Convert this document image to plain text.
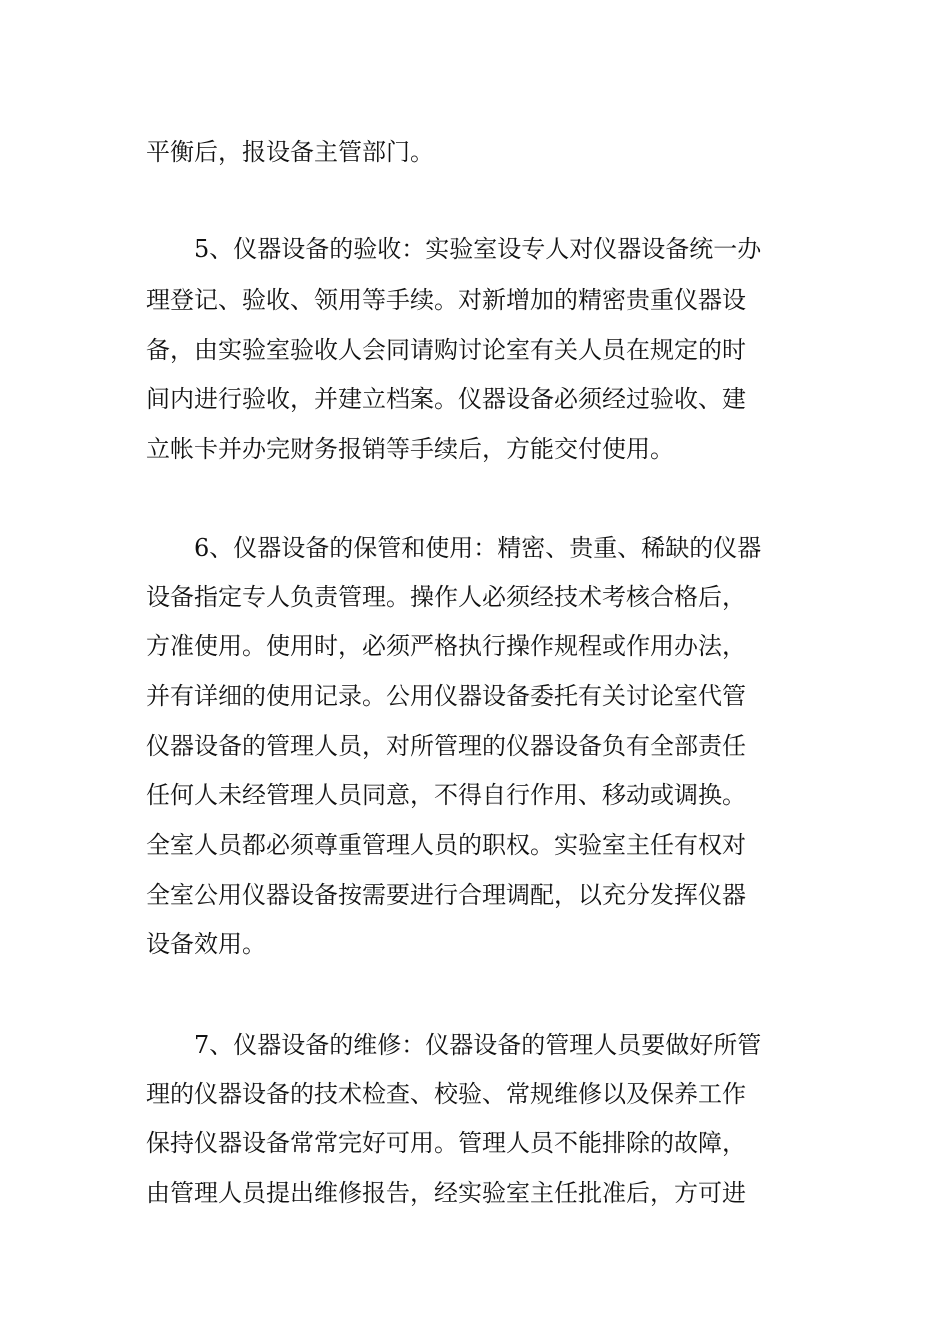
平衡后，报设备主管部门。
5、仪器设备的验收：实验室设专人对仪器设备统一办
理登记、验收、领用等手续。对新增加的精密贵重仪器设
备，由实验室验收人会同请购讨论室有关人员在规定的时
间内进行验收，并建立档案。仪器设备必须经过验收、建
立帐卡并办完财务报销等手续后，方能交付使用。
6、仪器设备的保管和使用：精密、贵重、稀缺的仪器
设备指定专人负责管理。操作人必须经技术考核合格后，
方准使用。使用时，必须严格执行操作规程或作用办法，
并有详细的使用记录。公用仪器设备委托有关讨论室代管
仪器设备的管理人员，对所管理的仪器设备负有全部责任
任何人未经管理人员同意，不得自行作用、移动或调换。
全室人员都必须尊重管理人员的职权。实验室主任有权对
全室公用仪器设备按需要进行合理调配，以充分发挥仪器
设备效用。
7、仪器设备的维修：仪器设备的管理人员要做好所管
理的仪器设备的技术检查、校验、常规维修以及保养工作
保持仪器设备常常完好可用。管理人员不能排除的故障，
由管理人员提出维修报告，经实验室主任批准后，方可进
